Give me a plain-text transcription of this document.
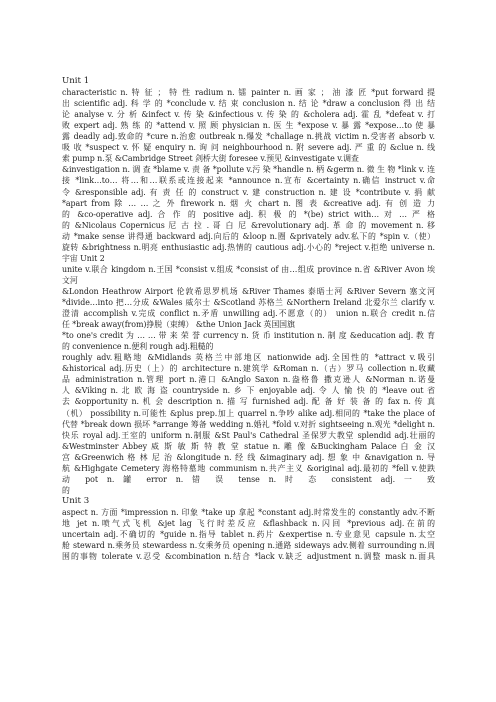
Unit 1
characteristic n. 特 征 ； 特 性 radium n. 镭 painter n. 画 家 ； 油 漆 匠 *put forward 提
出 scientific adj. 科 学 的 *conclude v. 结 束 conclusion n. 结 论 *draw a conclusion 得 出 结
论 analyse v. 分 析 &infect v. 传 染 &infectious v. 传 染 的 &cholera adj. 霍 乱 *defeat v. 打
败 expert adj. 熟 练 的 *attend v. 照 顾 physician n. 医 生 *expose v. 暴 露 *expose…to 使 暴
露 deadly adj.致命的 *cure n.治愈 outbreak n.爆发 *challage n.挑战 victim n.受害者 absorb v.
吸 收 *suspect v. 怀 疑 enquiry n. 询 问 neighbourhood n. 附 severe adj. 严 重 的 &clue n. 线
索 pump n.泵 &Cambridge Street 剑桥大街 foresee v.预见 &investigate v.调查
&investigation n. 调 查 *blame v. 责 备 *pollute v.污 染 *handle n. 柄 &germ n. 微 生 物 *link v. 连
接 *link…to… 将…和…联系或连接起来 *announce n.宣布 &certainty n.确信 instruct v.命
令 &responsible adj. 有 责 任 的 construct v. 建 construction n. 建 设 *contribute v. 捐 献
*apart from 除 … … 之 外 firework n. 烟 火 chart n. 图 表 &creative adj. 有 创 造 力
的 &co-operative adj. 合 作 的 positive adj. 积 极 的 *(be) strict with… 对 … 严 格
的 &Nicolaus Copernicus 尼 古 拉 . 哥 白 尼 &revolutionary adj. 革 命 的 movement n. 移
动 *make sense 讲得通 backward adj.向后的 &loop n.圈 &privately adv.私下的 *spin v.（使）
旋转 &brightness n.明亮 enthusiastic adj.热情的 cautious adj.小心的 *reject v.拒绝 universe n.
宇宙 Unit 2
unite v.联合 kingdom n.王国 *consist v.组成 *consist of 由…组成 province n.省 &River Avon 埃
文河
&London Heathrow Airport 伦敦希思罗机场 &River Thames 泰晤士河 &River Severn 塞文河
*divide…into 把…分成 &Wales 威尔士 &Scotland 苏格兰 &Northern Ireland 北爱尔兰 clarify v.
澄清 accomplish v.完成 conflict n.矛盾 unwilling adj.不愿意（的） union n.联合 credit n.信
任 *break away(from)挣脱（束缚） &the Union Jack 英国国旗
*to one's credit 为 … … 带 来 荣 誉 currency n. 货 币 institution n. 制 度 &education adj. 教 育
的 convenience n.便利 rough adj.粗糙的
roughly adv.粗略地 &Midlands 英格兰中部地区 nationwide adj.全国性的 *attract v.吸引
&historical adj.历史（上）的 architecture n.建筑学 &Roman n.（古）罗马 collection n.收藏
品 administration n.管理 port n.港口 &Anglo Saxon n.盎格鲁 撒克逊人 &Norman n.诺曼
人 &Viking n. 北 欧 海 盗 countryside n. 乡 下 enjoyable adj. 令 人 愉 快 的 *leave out 省
去 &opportunity n. 机 会 description n. 描 写 furnished adj. 配 备 好 装 备 的 fax n. 传 真
（机） possibility n.可能性 &plus prep.加上 quarrel n.争吵 alike adj.相同的 *take the place of
代替 *break down 损坏 *arrange 筹备 wedding n.婚礼 *fold v.对折 sightseeing n.观光 *delight n.
快乐 royal adj.王室的 uniform n.制服 &St Paul's Cathedral 圣保罗大教堂 splendid adj.壮丽的
&Westminster Abbey 威 斯 敏 斯 特 教 堂 statue n. 雕 像 &Buckingham Palace 白 金 汉
宫 &Greenwich 格 林 尼 治 &longitude n. 经 线 &imaginary adj. 想 象 中 &navigation n. 导
航 &Highgate Cemetery 海格特墓地 communism n.共产主义 &original adj.最初的 *fell v.使跌
动 pot n. 罐 error n. 错 误 tense n. 时 态 consistent adj. 一 致
的
Unit 3
aspect n. 方面 *impression n. 印象 *take up 拿起 *constant adj.时常发生的 constantly adv.不断
地 jet n.喷气式飞机 &jet lag 飞行时差反应 &flashback n.闪回 *previous adj.在前的
uncertain adj.不确切的 *guide n.指导 tablet n.药片 &expertise n.专业意见 capsule n.太空
舱 steward n.乘务员 stewardess n.女乘务员 opening n.通路 sideways adv.侧着 surrounding n.周
围的事物 tolerate v.忍受 &combination n.结合 *lack v.缺乏 adjustment n.调整 mask n.面具
